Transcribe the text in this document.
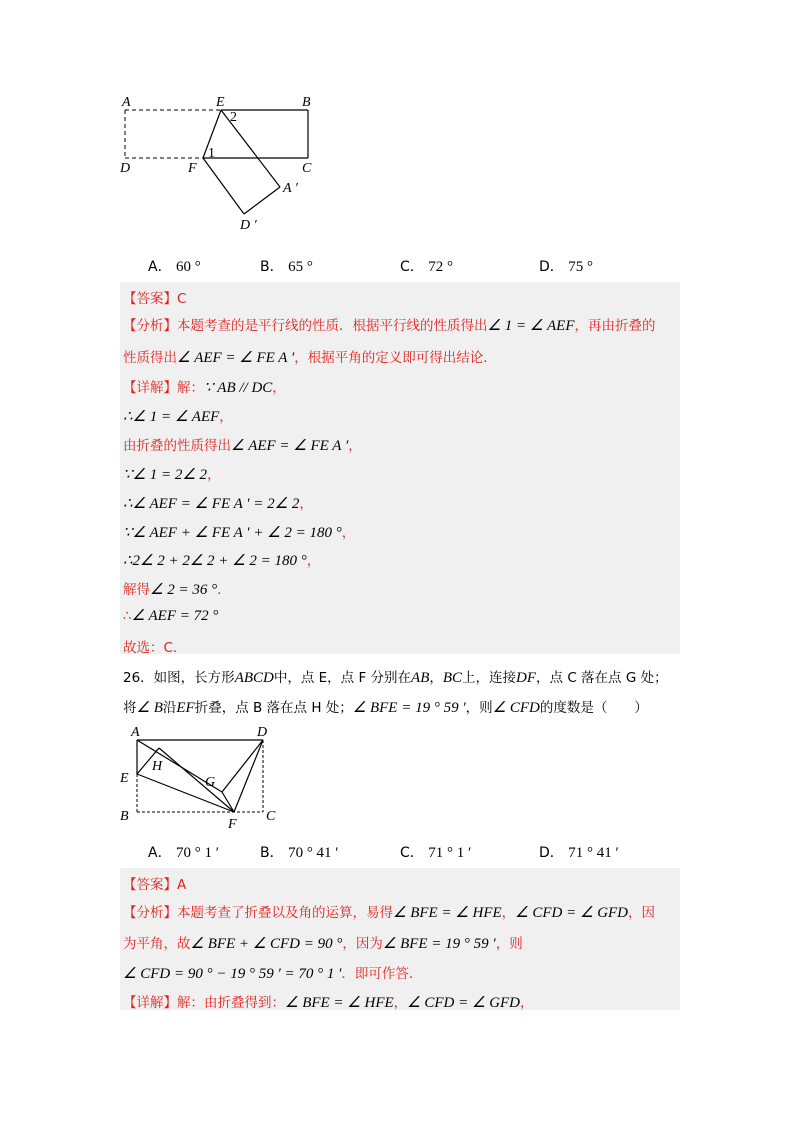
A	E	B
2
1
D	F	C
A ′
D ′
A． 60 °	B． 65 °	C． 72 °	D． 75 °
【答案】C
【分析】本题考查的是平行线的性质．根据平行线的性质得出∠ 1 = ∠ AEF，再由折叠的
性质得出∠ AEF = ∠ FE A ′，根据平角的定义即可得出结论．
【详解】解：∵ AB // DC，
∴∠ 1 = ∠ AEF，
由折叠的性质得出∠ AEF = ∠ FE A ′，
∵∠ 1 = 2∠ 2，
∴∠ AEF = ∠ FE A ′ = 2∠ 2，
∵∠ AEF + ∠ FE A ′ + ∠ 2 = 180 °，
∴2∠ 2 + 2∠ 2 + ∠ 2 = 180 °，
解得∠ 2 = 36 °．
∴∠ AEF = 72 °
故选：C．
26．如图，长方形ABCD中，点 E，点 F 分别在AB，BC上，连接DF，点 C 落在点 G 处；
将∠ B沿EF折叠，点 B 落在点 H 处；∠ BFE = 19 ° 59 ′，则∠ CFD的度数是（　　）
A	D
H
E	G
B
F
C
A． 70 ° 1 ′	B． 70 ° 41 ′	C． 71 ° 1 ′	D． 71 ° 41 ′
【答案】A
【分析】本题考查了折叠以及角的运算，易得∠ BFE = ∠ HFE，∠ CFD = ∠ GFD，因
为平角，故∠ BFE + ∠ CFD = 90 °，因为∠ BFE = 19 ° 59 ′，则
∠ CFD = 90 ° − 19 ° 59 ′ = 70 ° 1 ′．即可作答．
【详解】解：由折叠得到：∠ BFE = ∠ HFE，∠ CFD = ∠ GFD，
